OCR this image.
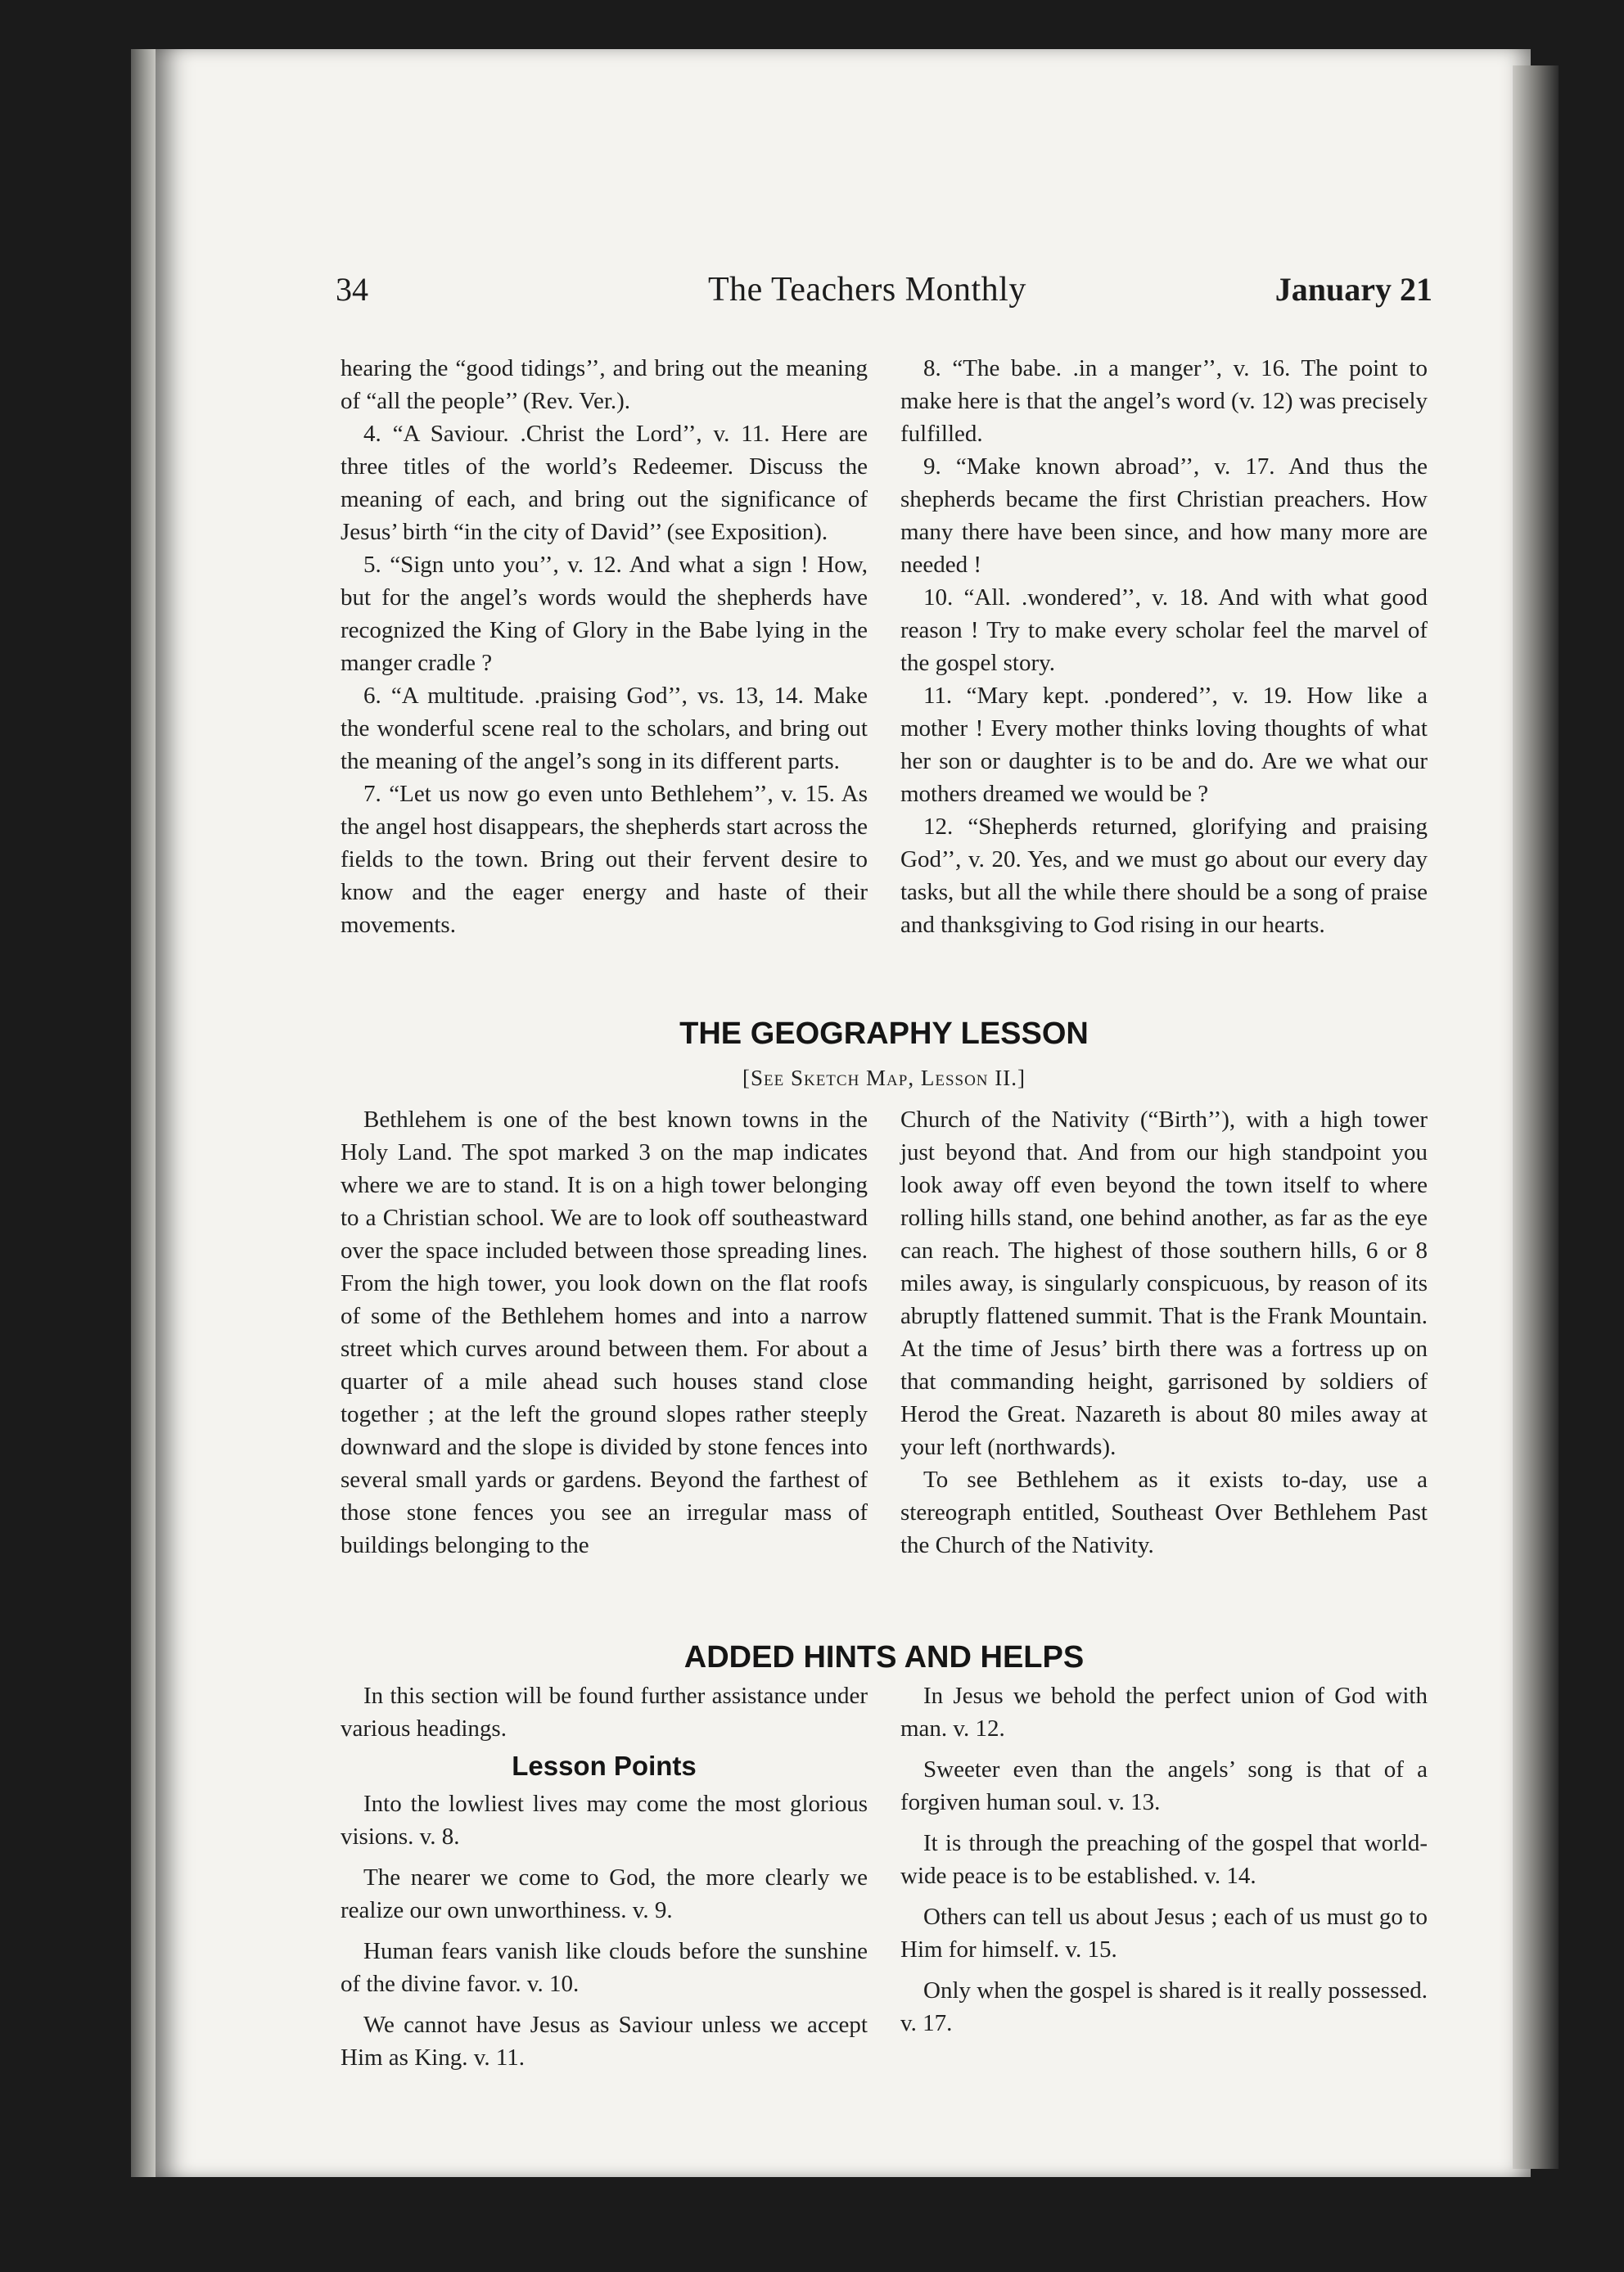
34	The Teachers Monthly	January 21

hearing the “good tidings’’, and bring out the meaning of “all the people’’ (Rev. Ver.).

4. “A Saviour. .Christ the Lord’’, v. 11. Here are three titles of the world’s Redeemer. Discuss the meaning of each, and bring out the significance of Jesus’ birth “in the city of David’’ (see Exposition).

5. “Sign unto you’’, v. 12. And what a sign ! How, but for the angel’s words would the shepherds have recognized the King of Glory in the Babe lying in the manger cradle ?

6. “A multitude. .praising God’’, vs. 13, 14. Make the wonderful scene real to the scholars, and bring out the meaning of the angel’s song in its different parts.

7. “Let us now go even unto Bethlehem’’, v. 15. As the angel host disappears, the shepherds start across the fields to the town. Bring out their fervent desire to know and the eager energy and haste of their movements.

8. “The babe. .in a manger’’, v. 16. The point to make here is that the angel’s word (v. 12) was precisely fulfilled.

9. “Make known abroad’’, v. 17. And thus the shepherds became the first Christian preachers. How many there have been since, and how many more are needed !

10. “All. .wondered’’, v. 18. And with what good reason ! Try to make every scholar feel the marvel of the gospel story.

11. “Mary kept. .pondered’’, v. 19. How like a mother ! Every mother thinks loving thoughts of what her son or daughter is to be and do. Are we what our mothers dreamed we would be ?

12. “Shepherds returned, glorifying and praising God’’, v. 20. Yes, and we must go about our every day tasks, but all the while there should be a song of praise and thanksgiving to God rising in our hearts.

THE GEOGRAPHY LESSON
[See Sketch Map, Lesson II.]

Bethlehem is one of the best known towns in the Holy Land. The spot marked 3 on the map indicates where we are to stand. It is on a high tower belonging to a Christian school. We are to look off southeastward over the space included between those spreading lines. From the high tower, you look down on the flat roofs of some of the Bethlehem homes and into a narrow street which curves around between them. For about a quarter of a mile ahead such houses stand close together ; at the left the ground slopes rather steeply downward and the slope is divided by stone fences into several small yards or gardens. Beyond the farthest of those stone fences you see an irregular mass of buildings belonging to the

Church of the Nativity (“Birth’’), with a high tower just beyond that. And from our high standpoint you look away off even beyond the town itself to where rolling hills stand, one behind another, as far as the eye can reach. The highest of those southern hills, 6 or 8 miles away, is singularly conspicuous, by reason of its abruptly flattened summit. That is the Frank Mountain. At the time of Jesus’ birth there was a fortress up on that commanding height, garrisoned by soldiers of Herod the Great. Nazareth is about 80 miles away at your left (northwards).

To see Bethlehem as it exists to-day, use a stereograph entitled, Southeast Over Bethlehem Past the Church of the Nativity.

ADDED HINTS AND HELPS

In this section will be found further assistance under various headings.

Lesson Points

Into the lowliest lives may come the most glorious visions. v. 8.

The nearer we come to God, the more clearly we realize our own unworthiness. v. 9.

Human fears vanish like clouds before the sunshine of the divine favor. v. 10.

We cannot have Jesus as Saviour unless we accept Him as King. v. 11.

In Jesus we behold the perfect union of God with man. v. 12.

Sweeter even than the angels’ song is that of a forgiven human soul. v. 13.

It is through the preaching of the gospel that world-wide peace is to be established. v. 14.

Others can tell us about Jesus ; each of us must go to Him for himself. v. 15.

Only when the gospel is shared is it really possessed. v. 17.
